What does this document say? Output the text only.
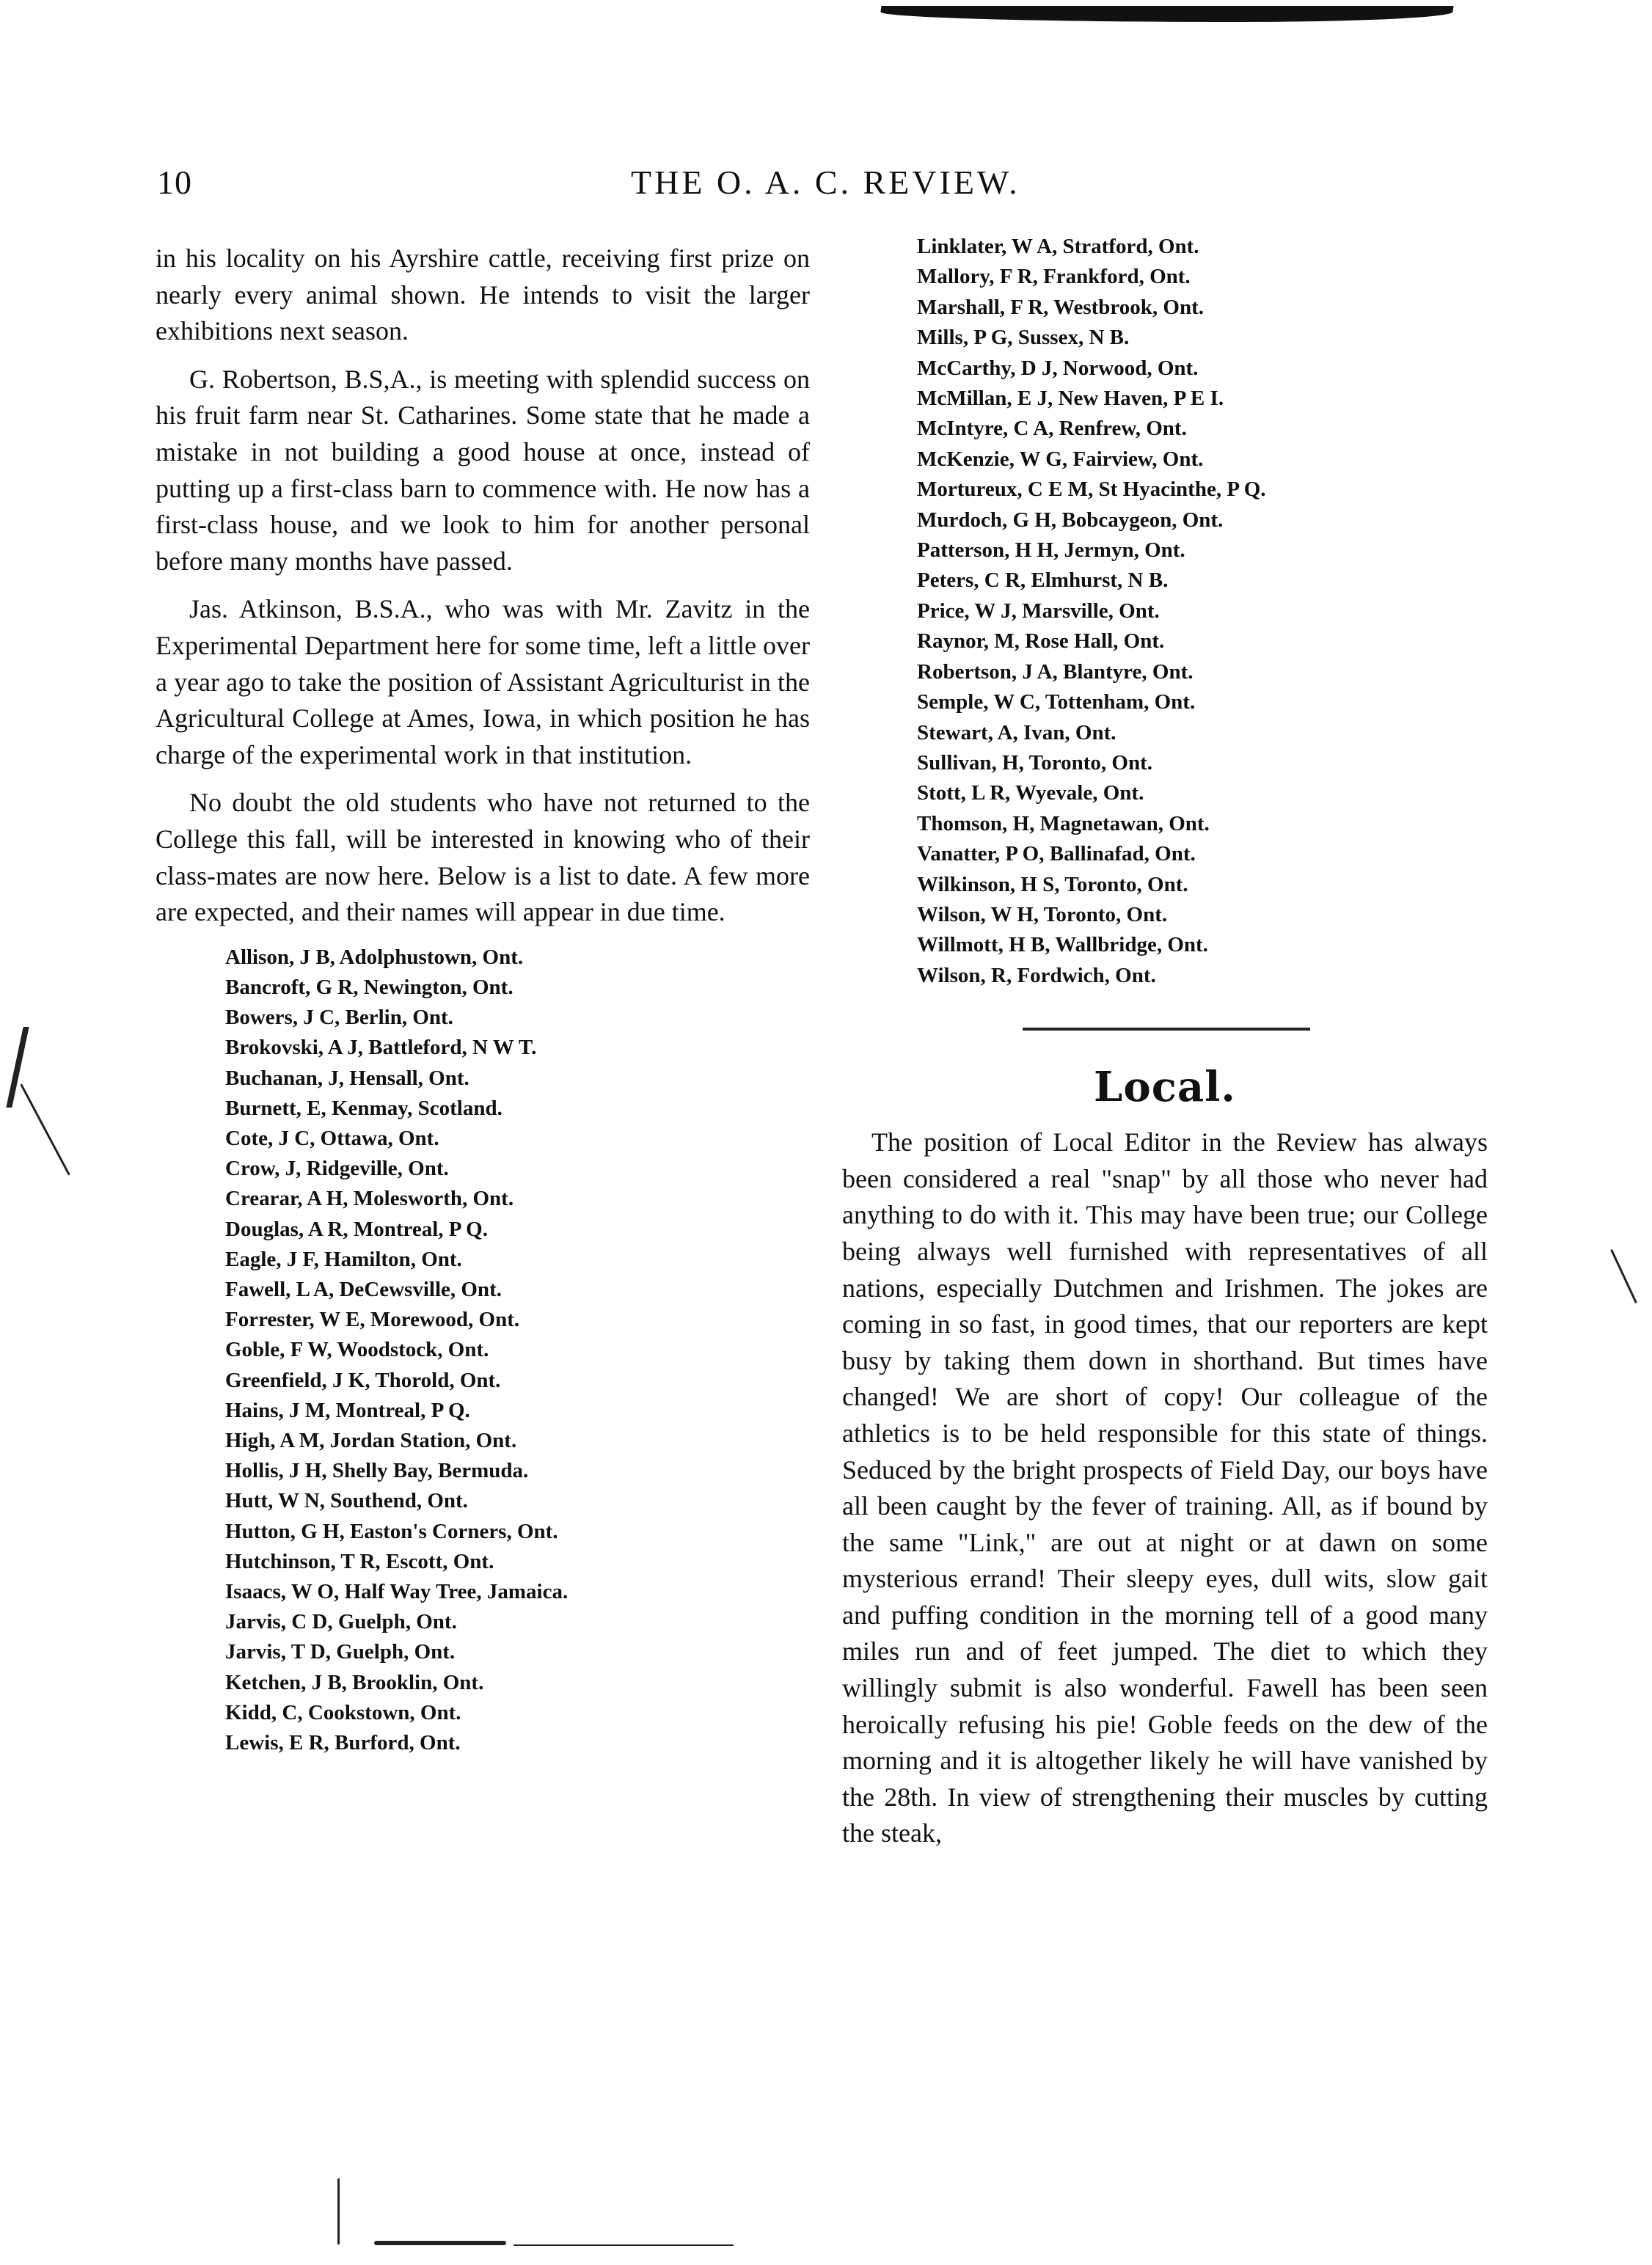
10	THE O. A. C. REVIEW.

in his locality on his Ayrshire cattle, receiving first prize on nearly every animal shown. He intends to visit the larger exhibitions next season.

G. Robertson, B.S,A., is meeting with splendid success on his fruit farm near St. Catharines. Some state that he made a mistake in not building a good house at once, instead of putting up a first-class barn to commence with. He now has a first-class house, and we look to him for another personal before many months have passed.

Jas. Atkinson, B.S.A., who was with Mr. Zavitz in the Experimental Department here for some time, left a little over a year ago to take the position of Assistant Agriculturist in the Agricultural College at Ames, Iowa, in which position he has charge of the experimental work in that institution.

No doubt the old students who have not returned to the College this fall, will be interested in knowing who of their class-mates are now here. Below is a list to date. A few more are expected, and their names will appear in due time.

Allison, J B, Adolphustown, Ont.
Bancroft, G R, Newington, Ont.
Bowers, J C, Berlin, Ont.
Brokovski, A J, Battleford, N W T.
Buchanan, J, Hensall, Ont.
Burnett, E, Kenmay, Scotland.
Cote, J C, Ottawa, Ont.
Crow, J, Ridgeville, Ont.
Crearar, A H, Molesworth, Ont.
Douglas, A R, Montreal, P Q.
Eagle, J F, Hamilton, Ont.
Fawell, L A, DeCewsville, Ont.
Forrester, W E, Morewood, Ont.
Goble, F W, Woodstock, Ont.
Greenfield, J K, Thorold, Ont.
Hains, J M, Montreal, P Q.
High, A M, Jordan Station, Ont.
Hollis, J H, Shelly Bay, Bermuda.
Hutt, W N, Southend, Ont.
Hutton, G H, Easton's Corners, Ont.
Hutchinson, T R, Escott, Ont.
Isaacs, W O, Half Way Tree, Jamaica.
Jarvis, C D, Guelph, Ont.
Jarvis, T D, Guelph, Ont.
Ketchen, J B, Brooklin, Ont.
Kidd, C, Cookstown, Ont.
Lewis, E R, Burford, Ont.
Linklater, W A, Stratford, Ont.
Mallory, F R, Frankford, Ont.
Marshall, F R, Westbrook, Ont.
Mills, P G, Sussex, N B.
McCarthy, D J, Norwood, Ont.
McMillan, E J, New Haven, P E I.
McIntyre, C A, Renfrew, Ont.
McKenzie, W G, Fairview, Ont.
Mortureux, C E M, St Hyacinthe, P Q.
Murdoch, G H, Bobcaygeon, Ont.
Patterson, H H, Jermyn, Ont.
Peters, C R, Elmhurst, N B.
Price, W J, Marsville, Ont.
Raynor, M, Rose Hall, Ont.
Robertson, J A, Blantyre, Ont.
Semple, W C, Tottenham, Ont.
Stewart, A, Ivan, Ont.
Sullivan, H, Toronto, Ont.
Stott, L R, Wyevale, Ont.
Thomson, H, Magnetawan, Ont.
Vanatter, P O, Ballinafad, Ont.
Wilkinson, H S, Toronto, Ont.
Wilson, W H, Toronto, Ont.
Willmott, H B, Wallbridge, Ont.
Wilson, R, Fordwich, Ont.
Local.

The position of Local Editor in the Review has always been considered a real "snap" by all those who never had anything to do with it. This may have been true; our College being always well furnished with representatives of all nations, especially Dutchmen and Irishmen. The jokes are coming in so fast, in good times, that our reporters are kept busy by taking them down in shorthand. But times have changed! We are short of copy! Our colleague of the athletics is to be held responsible for this state of things. Seduced by the bright prospects of Field Day, our boys have all been caught by the fever of training. All, as if bound by the same "Link," are out at night or at dawn on some mysterious errand! Their sleepy eyes, dull wits, slow gait and puffing condition in the morning tell of a good many miles run and of feet jumped. The diet to which they willingly submit is also wonderful. Fawell has been seen heroically refusing his pie! Goble feeds on the dew of the morning and it is altogether likely he will have vanished by the 28th. In view of strengthening their muscles by cutting the steak,
